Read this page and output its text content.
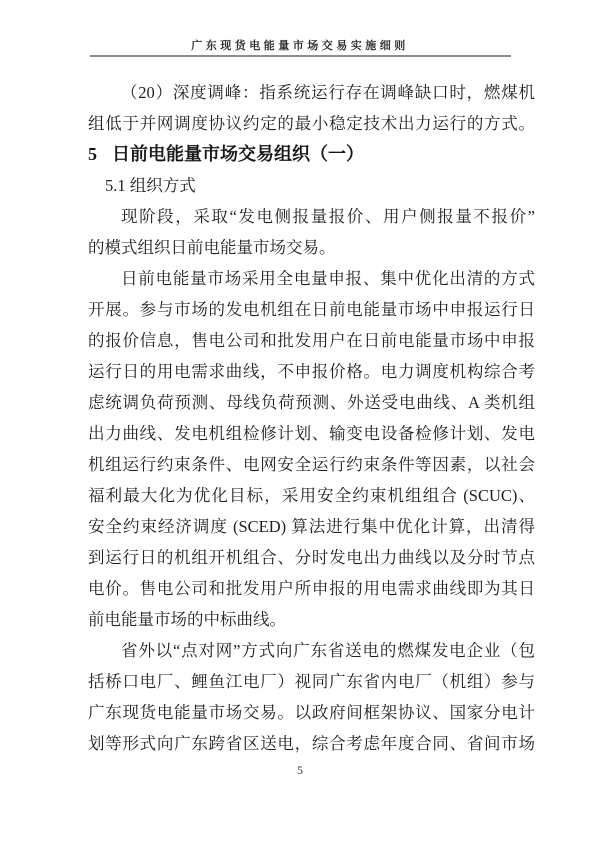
广东现货电能量市场交易实施细则
（20）深度调峰：指系统运行存在调峰缺口时，燃煤机
组低于并网调度协议约定的最小稳定技术出力运行的方式。
5 日前电能量市场交易组织（一）
5.1 组织方式
现阶段，采取“发电侧报量报价、用户侧报量不报价”
的模式组织日前电能量市场交易。
日前电能量市场采用全电量申报、集中优化出清的方式
开展。参与市场的发电机组在日前电能量市场中申报运行日
的报价信息，售电公司和批发用户在日前电能量市场中申报
运行日的用电需求曲线，不申报价格。电力调度机构综合考
虑统调负荷预测、母线负荷预测、外送受电曲线、A 类机组
出力曲线、发电机组检修计划、输变电设备检修计划、发电
机组运行约束条件、电网安全运行约束条件等因素，以社会
福利最大化为优化目标，采用安全约束机组组合 (SCUC)、
安全约束经济调度 (SCED) 算法进行集中优化计算，出清得
到运行日的机组开机组合、分时发电出力曲线以及分时节点
电价。售电公司和批发用户所申报的用电需求曲线即为其日
前电能量市场的中标曲线。
省外以“点对网”方式向广东省送电的燃煤发电企业（包
括桥口电厂、鲤鱼江电厂）视同广东省内电厂（机组）参与
广东现货电能量市场交易。以政府间框架协议、国家分电计
划等形式向广东跨省区送电，综合考虑年度合同、省间市场
5
